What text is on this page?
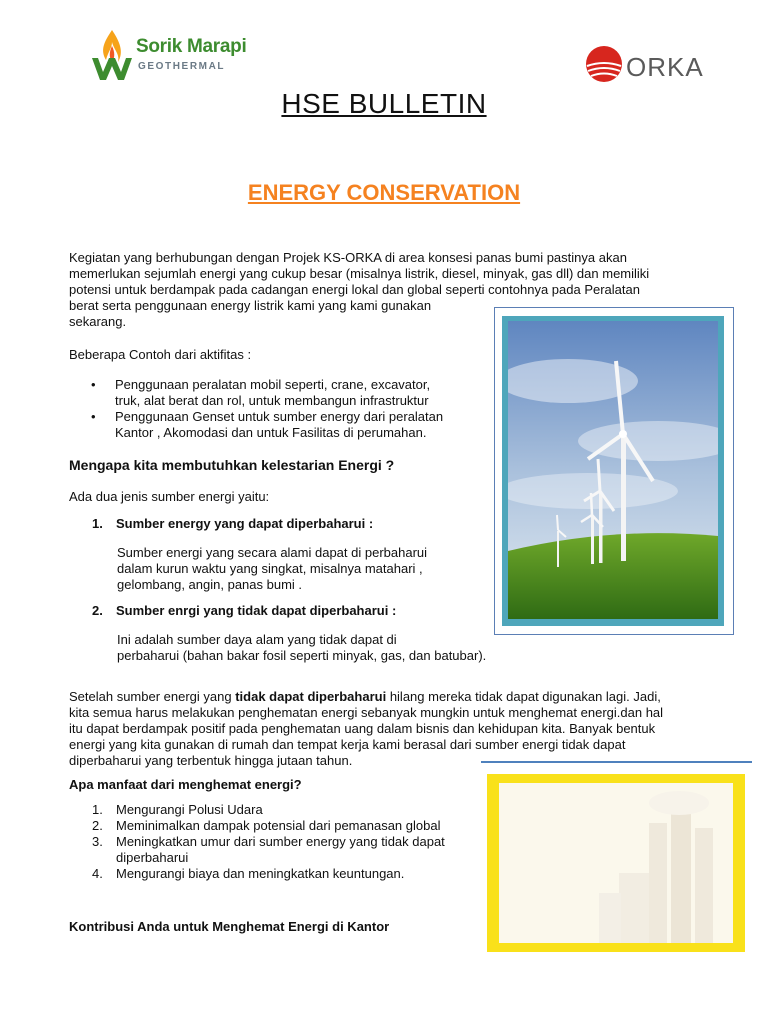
Sorik Marapi
GEOTHERMAL	ORKA
HSE BULLETIN
ENERGY CONSERVATION
Kegiatan yang berhubungan dengan Projek KS-ORKA di area konsesi panas bumi pastinya akan
memerlukan sejumlah energi yang cukup besar (misalnya listrik, diesel, minyak, gas dll) dan memiliki
potensi untuk berdampak pada cadangan energi lokal dan global seperti contohnya pada Peralatan
berat serta penggunaan energy listrik kami yang kami gunakan
sekarang.
Beberapa Contoh dari aktifitas :
• Penggunaan peralatan mobil seperti, crane, excavator,
truk, alat berat dan rol, untuk membangun infrastruktur
• Penggunaan Genset untuk sumber energy dari peralatan
Kantor , Akomodasi dan untuk Fasilitas di perumahan.
Mengapa kita membutuhkan kelestarian Energi ?
Ada dua jenis sumber energi yaitu:
1. Sumber energy yang dapat diperbaharui :
Sumber energi yang secara alami dapat di perbaharui
dalam kurun waktu yang singkat, misalnya matahari ,
gelombang, angin, panas bumi .
2. Sumber enrgi yang tidak dapat diperbaharui :
Ini adalah sumber daya alam yang tidak dapat di
perbaharui (bahan bakar fosil seperti minyak, gas, dan batubar).
Setelah sumber energi yang tidak dapat diperbaharui hilang mereka tidak dapat digunakan lagi. Jadi,
kita semua harus melakukan penghematan energi sebanyak mungkin untuk menghemat energi.dan hal
itu dapat berdampak positif pada penghematan uang dalam bisnis dan kehidupan kita. Banyak bentuk
energi yang kita gunakan di rumah dan tempat kerja kami berasal dari sumber energi tidak dapat
diperbaharui yang terbentuk hingga jutaan tahun.
Apa manfaat dari menghemat energi?
1. Mengurangi Polusi Udara
2. Meminimalkan dampak potensial dari pemanasan global
3. Meningkatkan umur dari sumber energy yang tidak dapat
diperbaharui
4. Mengurangi biaya dan meningkatkan keuntungan.
Kontribusi Anda untuk Menghemat Energi di Kantor
